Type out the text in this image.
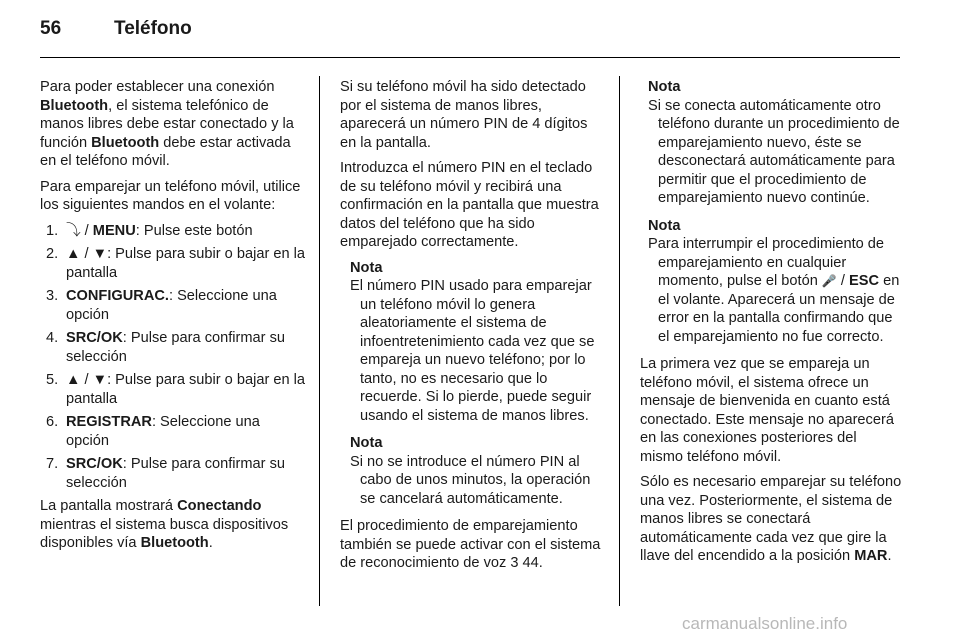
56	Teléfono

Para poder establecer una conexión Bluetooth, el sistema telefónico de manos libres debe estar conectado y la función Bluetooth debe estar activada en el teléfono móvil.

Para emparejar un teléfono móvil, utilice los siguientes mandos en el volante:

1. ⤵ / MENU: Pulse este botón
2. ▲ / ▼: Pulse para subir o bajar en la pantalla
3. CONFIGURAC.: Seleccione una opción
4. SRC/OK: Pulse para confirmar su selección
5. ▲ / ▼: Pulse para subir o bajar en la pantalla
6. REGISTRAR: Seleccione una opción
7. SRC/OK: Pulse para confirmar su selección

La pantalla mostrará Conectando mientras el sistema busca dispositivos disponibles vía Bluetooth.

Si su teléfono móvil ha sido detectado por el sistema de manos libres, aparecerá un número PIN de 4 dígitos en la pantalla.

Introduzca el número PIN en el teclado de su teléfono móvil y recibirá una confirmación en la pantalla que muestra datos del teléfono que ha sido emparejado correctamente.

Nota
El número PIN usado para emparejar un teléfono móvil lo genera aleatoriamente el sistema de infoentretenimiento cada vez que se empareja un nuevo teléfono; por lo tanto, no es necesario que lo recuerde. Si lo pierde, puede seguir usando el sistema de manos libres.
Nota
Si no se introduce el número PIN al cabo de unos minutos, la operación se cancelará automáticamente.

El procedimiento de emparejamiento también se puede activar con el sistema de reconocimiento de voz 3 44.

Nota
Si se conecta automáticamente otro teléfono durante un procedimiento de emparejamiento nuevo, éste se desconectará automáticamente para permitir que el procedimiento de emparejamiento nuevo continúe.
Nota
Para interrumpir el procedimiento de emparejamiento en cualquier momento, pulse el botón 🎤 / ESC en el volante. Aparecerá un mensaje de error en la pantalla confirmando que el emparejamiento no fue correcto.

La primera vez que se empareja un teléfono móvil, el sistema ofrece un mensaje de bienvenida en cuanto está conectado. Este mensaje no aparecerá en las conexiones posteriores del mismo teléfono móvil.

Sólo es necesario emparejar su teléfono una vez. Posteriormente, el sistema de manos libres se conectará automáticamente cada vez que gire la llave del encendido a la posición MAR.

carmanualsonline.info
